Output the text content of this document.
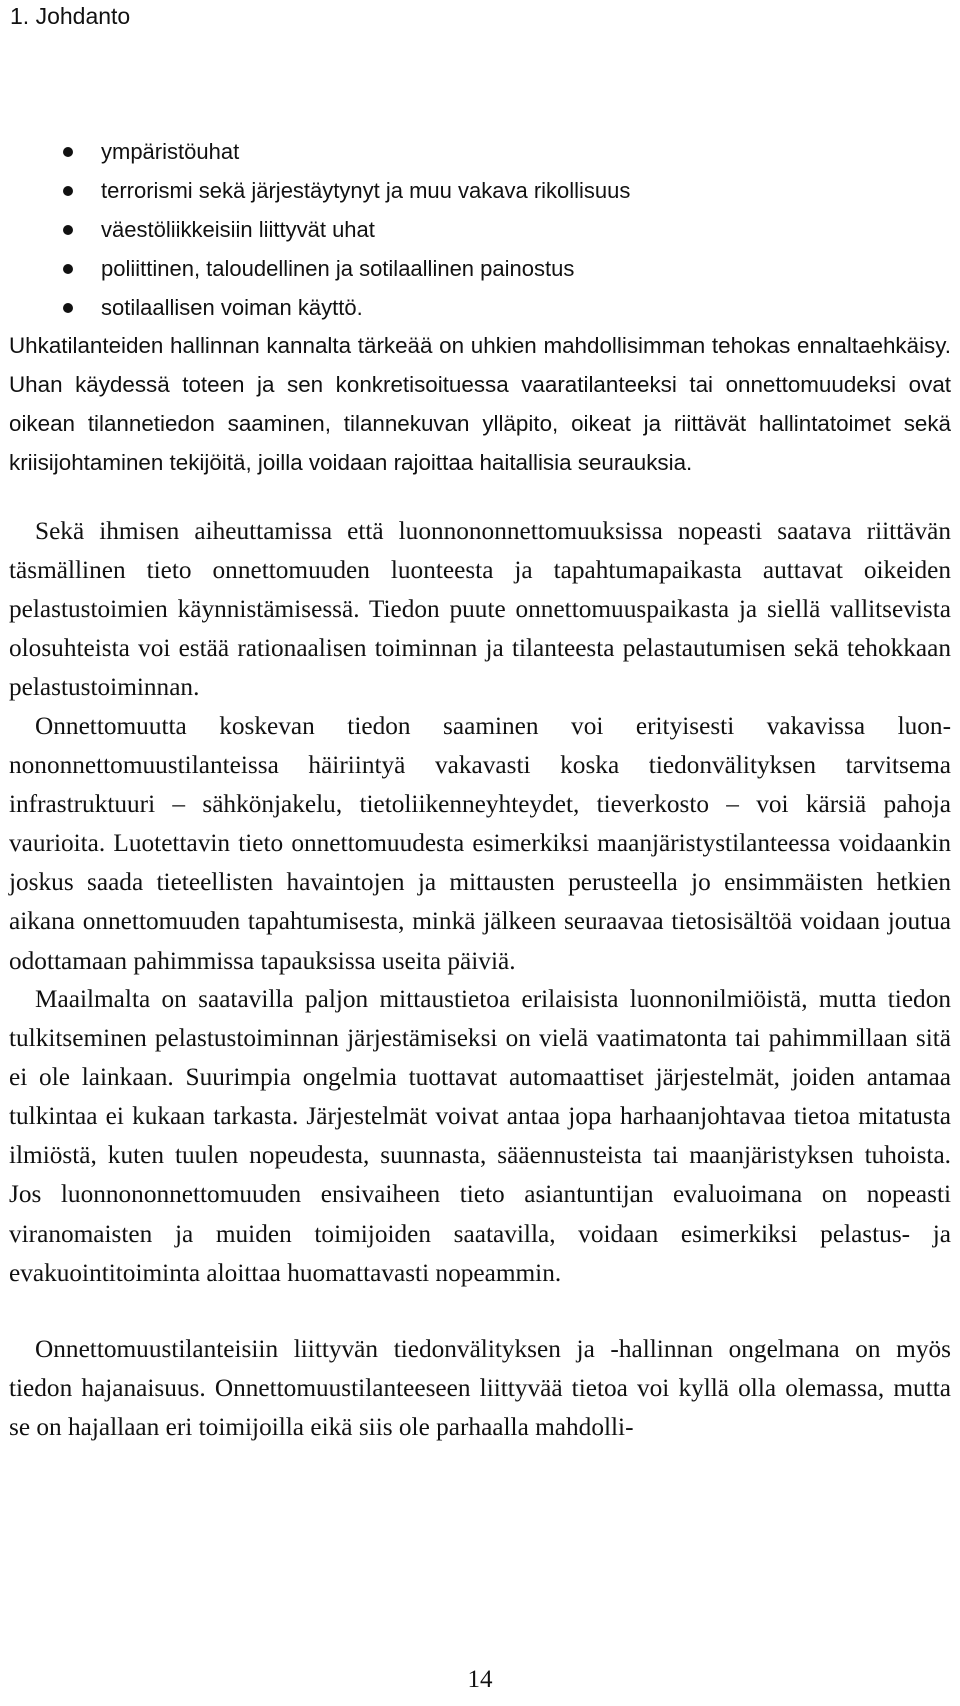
1. Johdanto
ympäristöuhat
terrorismi sekä järjestäytynyt ja muu vakava rikollisuus
väestöliikkeisiin liittyvät uhat
poliittinen, taloudellinen ja sotilaallinen painostus
sotilaallisen voiman käyttö.

Uhkatilanteiden hallinnan kannalta tärkeää on uhkien mahdollisimman tehokas ennaltaehkäisy. Uhan käydessä toteen ja sen konkretisoituessa vaaratilanteeksi tai onnettomuudeksi ovat oikean tilannetiedon saaminen, tilannekuvan ylläpito, oikeat ja riittävät hallintatoimet sekä kriisijohtaminen tekijöitä, joilla voidaan rajoittaa haitallisia seurauksia.

Sekä ihmisen aiheuttamissa että luonnononnettomuuksissa nopeasti saatava riittävän täsmällinen tieto onnettomuuden luonteesta ja tapahtumapaikasta auttavat oikeiden pelastustoimien käynnistämisessä. Tiedon puute onnettomuuspaikasta ja siellä vallitsevista olosuhteista voi estää rationaalisen toiminnan ja tilanteesta pelastautumisen sekä tehokkaan pelastustoiminnan.

Onnettomuutta koskevan tiedon saaminen voi erityisesti vakavissa luonnononnettomuustilanteissa häiriintyä vakavasti koska tiedonvälityksen tarvitsema infrastruktuuri – sähkönjakelu, tietoliikenneyhteydet, tieverkosto – voi kärsiä pahoja vaurioita. Luotettavin tieto onnettomuudesta esimerkiksi maanjäristystilanteessa voidaankin joskus saada tieteellisten havaintojen ja mittausten perusteella jo ensimmäisten hetkien aikana onnettomuuden tapahtumisesta, minkä jälkeen seuraavaa tietosisältöä voidaan joutua odottamaan pahimmissa tapauksissa useita päiviä.

Maailmalta on saatavilla paljon mittaustietoa erilaisista luonnonilmiöistä, mutta tiedon tulkitseminen pelastustoiminnan järjestämiseksi on vielä vaatimatonta tai pahimmillaan sitä ei ole lainkaan. Suurimpia ongelmia tuottavat automaattiset järjestelmät, joiden antamaa tulkintaa ei kukaan tarkasta. Järjestelmät voivat antaa jopa harhaanjohtavaa tietoa mitatusta ilmiöstä, kuten tuulen nopeudesta, suunnasta, sääennusteista tai maanjäristyksen tuhoista. Jos luonnononnettomuuden ensivaiheen tieto asiantuntijan evaluoimana on nopeasti viranomaisten ja muiden toimijoiden saatavilla, voidaan esimerkiksi pelastus- ja evakuointitoiminta aloittaa huomattavasti nopeammin.

Onnettomuustilanteisiin liittyvän tiedonvälityksen ja -hallinnan ongelmana on myös tiedon hajanaisuus. Onnettomuustilanteeseen liittyvää tietoa voi kyllä olla olemassa, mutta se on hajallaan eri toimijoilla eikä siis ole parhaalla mahdolli-

14
